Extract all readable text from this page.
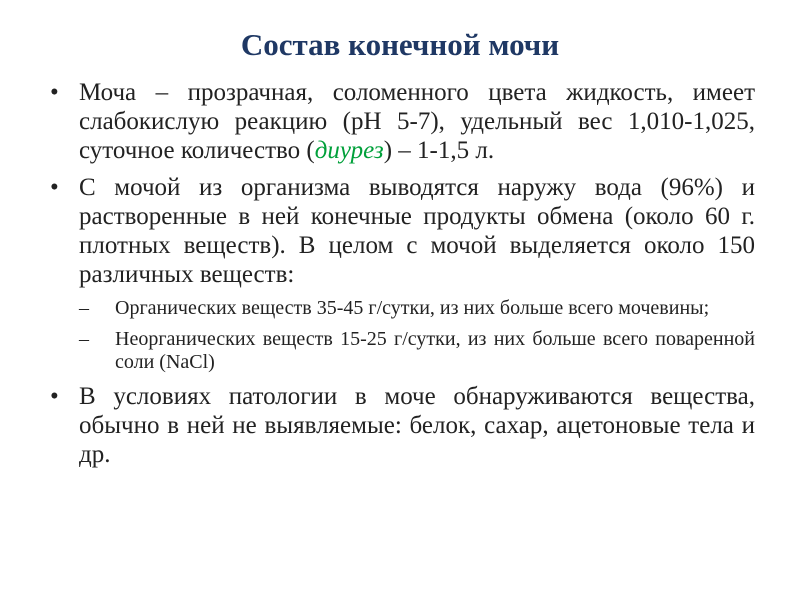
Состав конечной мочи
• Моча – прозрачная, соломенного цвета жидкость, имеет слабокислую реакцию (рН 5-7), удельный вес 1,010-1,025, суточное количество (диурез) – 1-1,5 л.
• С мочой из организма выводятся наружу вода (96%) и растворенные в ней конечные продукты обмена (около 60 г. плотных веществ). В целом с мочой выделяется около 150 различных веществ:
– Органических веществ 35-45 г/сутки, из них больше всего мочевины;
– Неорганических веществ 15-25 г/сутки, из них больше всего поваренной соли (NaCl)
• В условиях патологии в моче обнаруживаются вещества, обычно в ней не выявляемые: белок, сахар, ацетоновые тела и др.
